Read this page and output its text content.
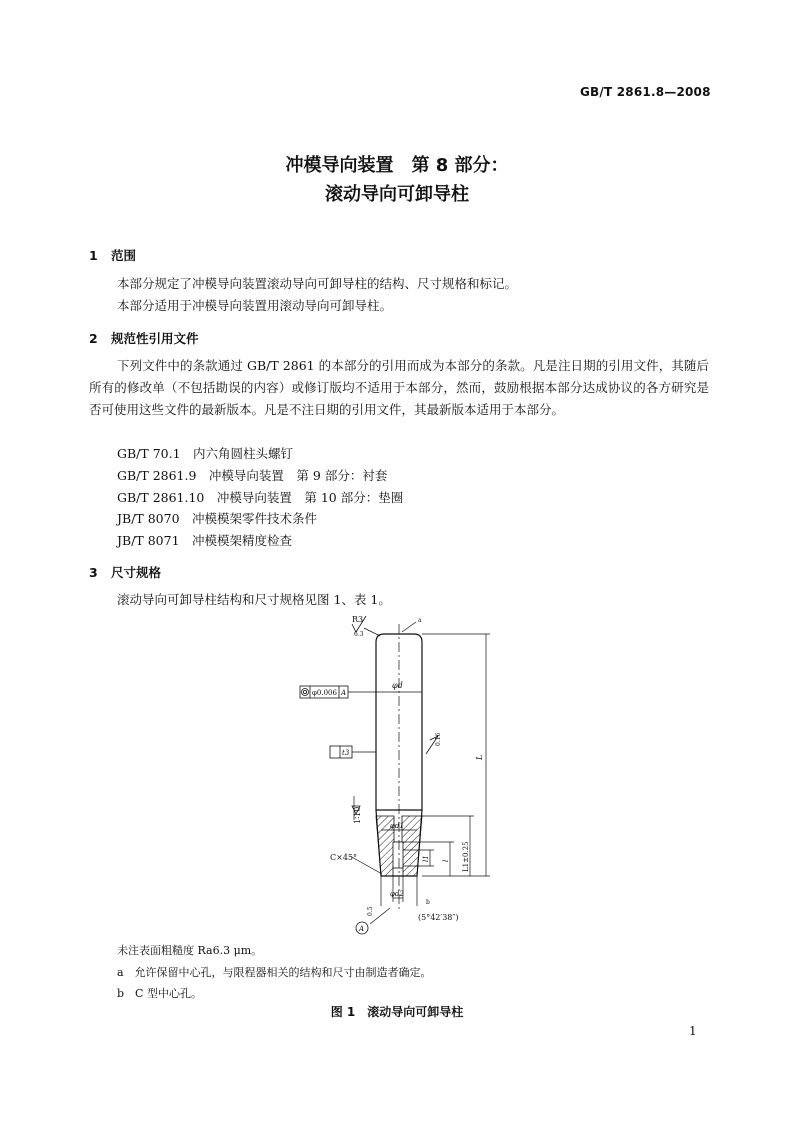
GB/T 2861.8—2008
冲模导向装置　第 8 部分：
滚动导向可卸导柱
1 范围
本部分规定了冲模导向装置滚动导向可卸导柱的结构、尺寸规格和标记。
本部分适用于冲模导向装置用滚动导向可卸导柱。
2 规范性引用文件
下列文件中的条款通过 GB/T 2861 的本部分的引用而成为本部分的条款。凡是注日期的引用文件，其随后所有的修改单（不包括勘误的内容）或修订版均不适用于本部分，然而，鼓励根据本部分达成协议的各方研究是否可使用这些文件的最新版本。凡是不注日期的引用文件，其最新版本适用于本部分。
GB/T 70.1　内六角圆柱头螺钉
GB/T 2861.9　冲模导向装置　第 9 部分：衬套
GB/T 2861.10　冲模导向装置　第 10 部分：垫圈
JB/T 8070　冲模模架零件技术条件
JB/T 8071　冲模模架精度检查
3 尺寸规格
滚动导向可卸导柱结构和尺寸规格见图 1、表 1。
R3
6.3
φ0.006 A
φd
0.16
t3
L
1∶10
φd1
l1 l L1±0.25
C×45°
φd2
a
b
0.5
(5°42′38″)
A
未注表面粗糙度 Ra6.3 μm。
a　允许保留中心孔，与限程器相关的结构和尺寸由制造者确定。
b　C 型中心孔。
图 1　滚动导向可卸导柱
1
